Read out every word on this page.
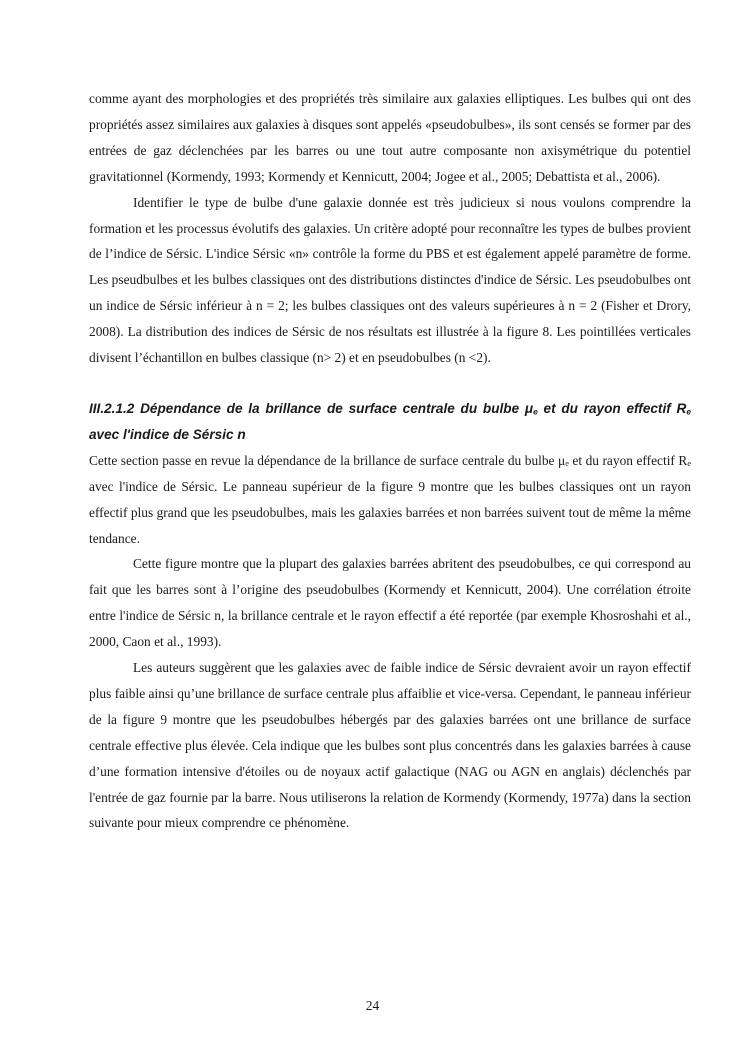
comme ayant des morphologies et des propriétés très similaire aux galaxies elliptiques. Les bulbes qui ont des propriétés assez similaires aux galaxies à disques sont appelés «pseudobulbes», ils sont censés se former par des entrées de gaz déclenchées par les barres ou une tout autre composante non axisymétrique du potentiel gravitationnel (Kormendy, 1993; Kormendy et Kennicutt, 2004; Jogee et al., 2005; Debattista et al., 2006).

Identifier le type de bulbe d'une galaxie donnée est très judicieux si nous voulons comprendre la formation et les processus évolutifs des galaxies. Un critère adopté pour reconnaître les types de bulbes provient de l’indice de Sérsic. L'indice Sérsic «n» contrôle la forme du PBS et est également appelé paramètre de forme. Les pseudbulbes et les bulbes classiques ont des distributions distinctes d'indice de Sérsic. Les pseudobulbes ont un indice de Sérsic inférieur à n = 2; les bulbes classiques ont des valeurs supérieures à n = 2 (Fisher et Drory, 2008). La distribution des indices de Sérsic de nos résultats est illustrée à la figure 8. Les pointillées verticales divisent l’échantillon en bulbes classique (n> 2) et en pseudobulbes (n <2).

III.2.1.2 Dépendance de la brillance de surface centrale du bulbe $\mu_e$ et du rayon effectif $R_e$ avec l'indice de Sérsic n

Cette section passe en revue la dépendance de la brillance de surface centrale du bulbe $\mu_e$ et du rayon effectif $R_e$ avec l'indice de Sérsic. Le panneau supérieur de la figure 9 montre que les bulbes classiques ont un rayon effectif plus grand que les pseudobulbes, mais les galaxies barrées et non barrées suivent tout de même la même tendance.

Cette figure montre que la plupart des galaxies barrées abritent des pseudobulbes, ce qui correspond au fait que les barres sont à l’origine des pseudobulbes (Kormendy et Kennicutt, 2004). Une corrélation étroite entre l'indice de Sérsic n, la brillance centrale et le rayon effectif a été reportée (par exemple Khosroshahi et al., 2000, Caon et al., 1993).

Les auteurs suggèrent que les galaxies avec de faible indice de Sérsic devraient avoir un rayon effectif plus faible ainsi qu’une brillance de surface centrale plus affaiblie et vice-versa. Cependant, le panneau inférieur de la figure 9 montre que les pseudobulbes hébergés par des galaxies barrées ont une brillance de surface centrale effective plus élevée. Cela indique que les bulbes sont plus concentrés dans les galaxies barrées à cause d’une formation intensive d'étoiles ou de noyaux actif galactique (NAG ou AGN en anglais) déclenchés par l'entrée de gaz fournie par la barre. Nous utiliserons la relation de Kormendy (Kormendy, 1977a) dans la section suivante pour mieux comprendre ce phénomène.

24
